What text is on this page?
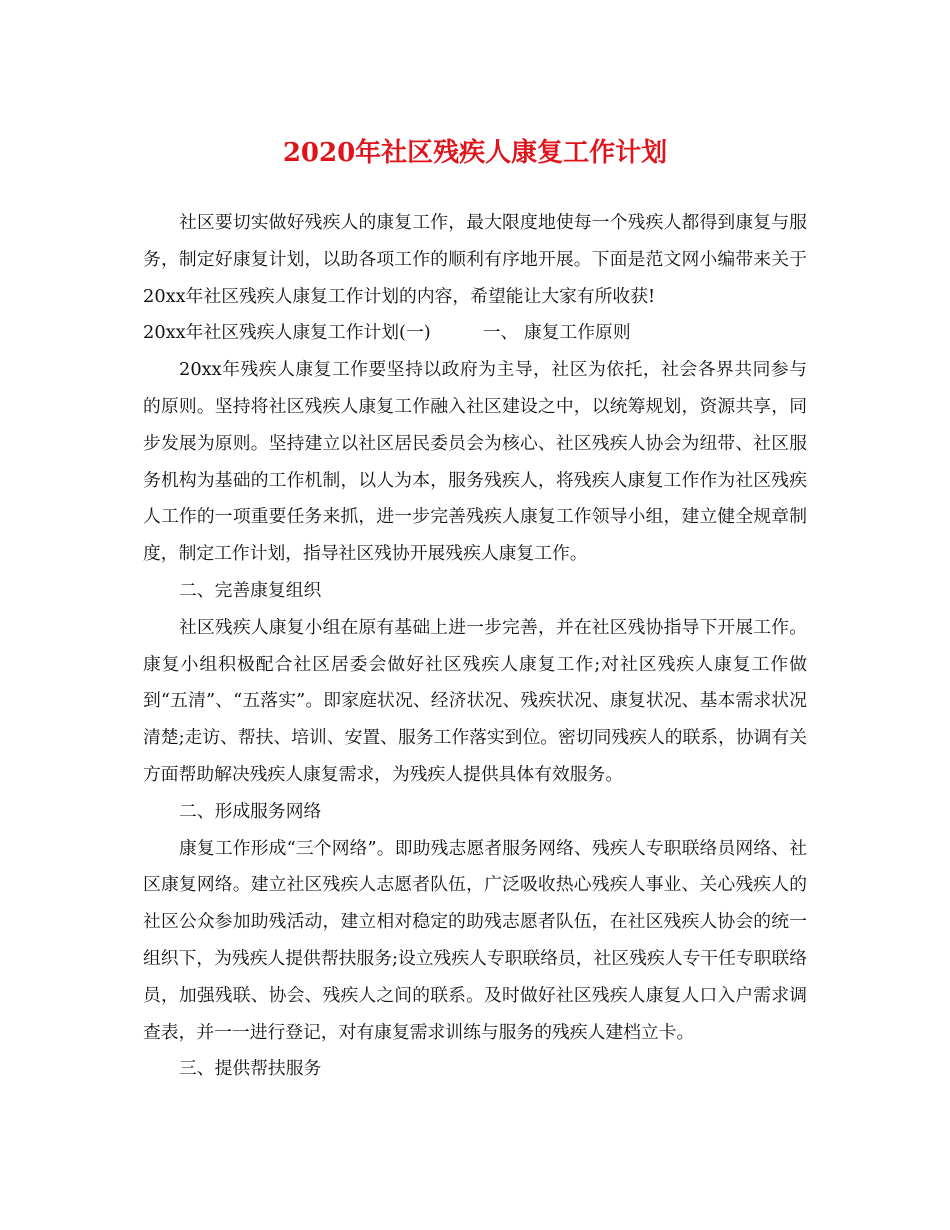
2020年社区残疾人康复工作计划

社区要切实做好残疾人的康复工作，最大限度地使每一个残疾人都得到康复与服务，制定好康复计划，以助各项工作的顺利有序地开展。下面是范文网小编带来关于20xx年社区残疾人康复工作计划的内容，希望能让大家有所收获!

20xx年社区残疾人康复工作计划(一)	一、 康复工作原则

20xx年残疾人康复工作要坚持以政府为主导，社区为依托，社会各界共同参与的原则。坚持将社区残疾人康复工作融入社区建设之中，以统筹规划，资源共享，同步发展为原则。坚持建立以社区居民委员会为核心、社区残疾人协会为纽带、社区服务机构为基础的工作机制，以人为本，服务残疾人，将残疾人康复工作作为社区残疾人工作的一项重要任务来抓，进一步完善残疾人康复工作领导小组，建立健全规章制度，制定工作计划，指导社区残协开展残疾人康复工作。

二、完善康复组织

社区残疾人康复小组在原有基础上进一步完善，并在社区残协指导下开展工作。康复小组积极配合社区居委会做好社区残疾人康复工作;对社区残疾人康复工作做到“五清”、“五落实”。即家庭状况、经济状况、残疾状况、康复状况、基本需求状况清楚;走访、帮扶、培训、安置、服务工作落实到位。密切同残疾人的联系，协调有关方面帮助解决残疾人康复需求，为残疾人提供具体有效服务。

二、形成服务网络

康复工作形成“三个网络”。即助残志愿者服务网络、残疾人专职联络员网络、社区康复网络。建立社区残疾人志愿者队伍，广泛吸收热心残疾人事业、关心残疾人的社区公众参加助残活动，建立相对稳定的助残志愿者队伍，在社区残疾人协会的统一组织下，为残疾人提供帮扶服务;设立残疾人专职联络员，社区残疾人专干任专职联络员，加强残联、协会、残疾人之间的联系。及时做好社区残疾人康复人口入户需求调查表，并一一进行登记，对有康复需求训练与服务的残疾人建档立卡。

三、提供帮扶服务
